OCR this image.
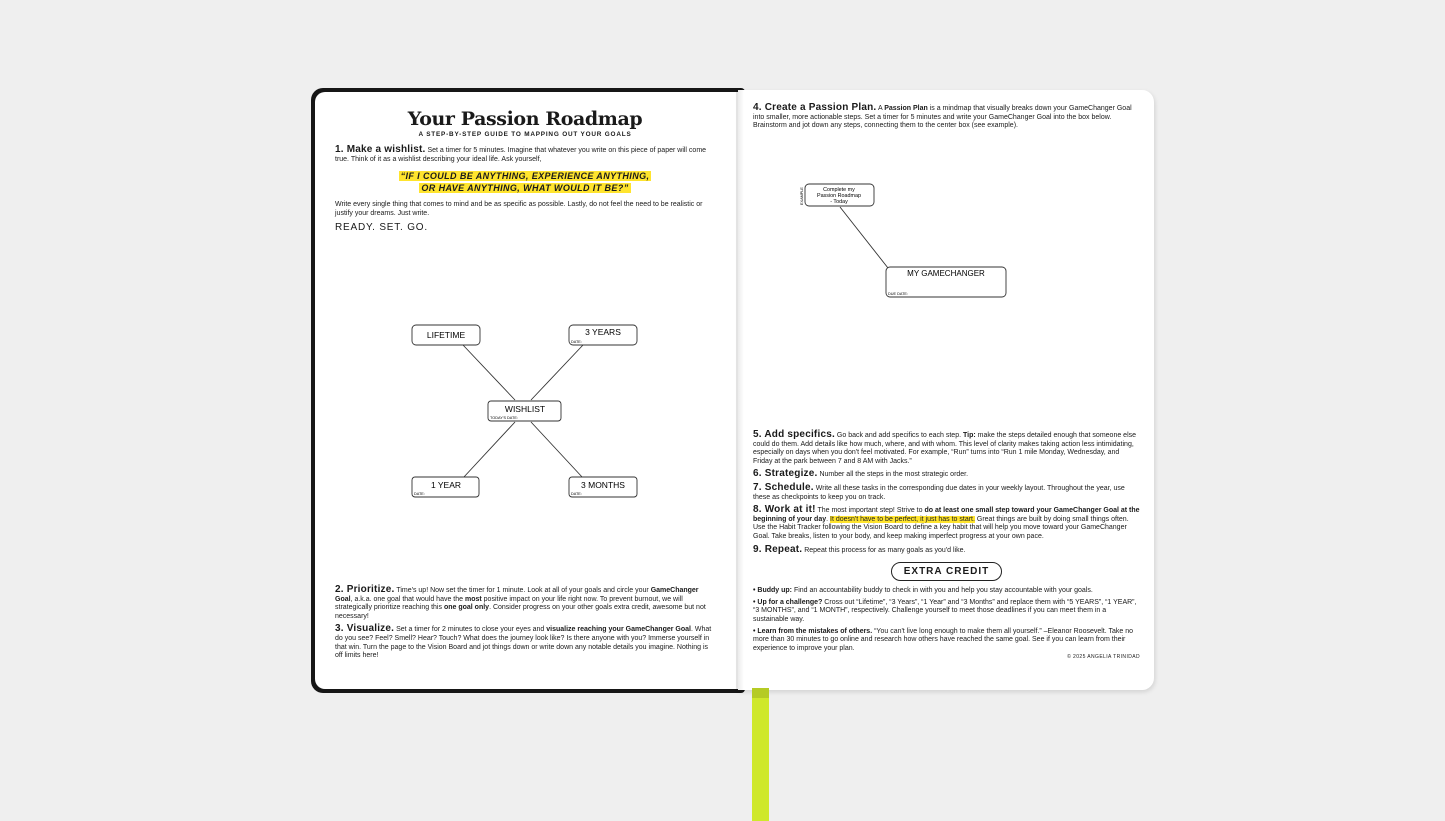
Your Passion Roadmap
A STEP-BY-STEP GUIDE TO MAPPING OUT YOUR GOALS

1. Make a wishlist. Set a timer for 5 minutes. Imagine that whatever you write on this piece of paper will come true. Think of it as a wishlist describing your ideal life. Ask yourself,

“IF I COULD BE ANYTHING, EXPERIENCE ANYTHING,
OR HAVE ANYTHING, WHAT WOULD IT BE?”

Write every single thing that comes to mind and be as specific as possible. Lastly, do not feel the need to be realistic or justify your dreams. Just write.

READY. SET. GO.
LIFETIME	3 YEARS
DATE:
WISHLIST
TODAY'S DATE:
1 YEAR
DATE:
3 MONTHS
DATE:

2. Prioritize. Time's up! Now set the timer for 1 minute. Look at all of your goals and circle your GameChanger Goal, a.k.a. one goal that would have the most positive impact on your life right now. To prevent burnout, we will strategically prioritize reaching this one goal only. Consider progress on your other goals extra credit, awesome but not necessary!

3. Visualize. Set a timer for 2 minutes to close your eyes and visualize reaching your GameChanger Goal. What do you see? Feel? Smell? Hear? Touch? What does the journey look like? Is there anyone with you? Immerse yourself in that win. Turn the page to the Vision Board and jot things down or write down any notable details you imagine. Nothing is off limits here!

4. Create a Passion Plan. A Passion Plan is a mindmap that visually breaks down your GameChanger Goal into smaller, more actionable steps. Set a timer for 5 minutes and write your GameChanger Goal into the box below. Brainstorm and jot down any steps, connecting them to the center box (see example).

Complete my
Passion Roadmap
- Today
EXAMPLE
MY GAMECHANGER
DUE DATE:

5. Add specifics. Go back and add specifics to each step. Tip: make the steps detailed enough that someone else could do them. Add details like how much, where, and with whom. This level of clarity makes taking action less intimidating, especially on days when you don't feel motivated. For example, “Run” turns into “Run 1 mile Monday, Wednesday, and Friday at the park between 7 and 8 AM with Jacks.”

6. Strategize. Number all the steps in the most strategic order.

7. Schedule. Write all these tasks in the corresponding due dates in your weekly layout. Throughout the year, use these as checkpoints to keep you on track.

8. Work at it! The most important step! Strive to do at least one small step toward your GameChanger Goal at the beginning of your day. It doesn't have to be perfect, it just has to start. Great things are built by doing small things often. Use the Habit Tracker following the Vision Board to define a key habit that will help you move toward your GameChanger Goal. Take breaks, listen to your body, and keep making imperfect progress at your own pace.

9. Repeat. Repeat this process for as many goals as you'd like.

EXTRA CREDIT

• Buddy up: Find an accountability buddy to check in with you and help you stay accountable with your goals.

• Up for a challenge? Cross out “Lifetime”, “3 Years”, “1 Year” and “3 Months” and replace them with “5 YEARS”, “1 YEAR”, “3 MONTHS”, and “1 MONTH”, respectively. Challenge yourself to meet those deadlines if you can meet them in a sustainable way.

• Learn from the mistakes of others. “You can't live long enough to make them all yourself.” –Eleanor Roosevelt. Take no more than 30 minutes to go online and research how others have reached the same goal. See if you can learn from their experience to improve your plan.

© 2025 ANGELIA TRINIDAD
